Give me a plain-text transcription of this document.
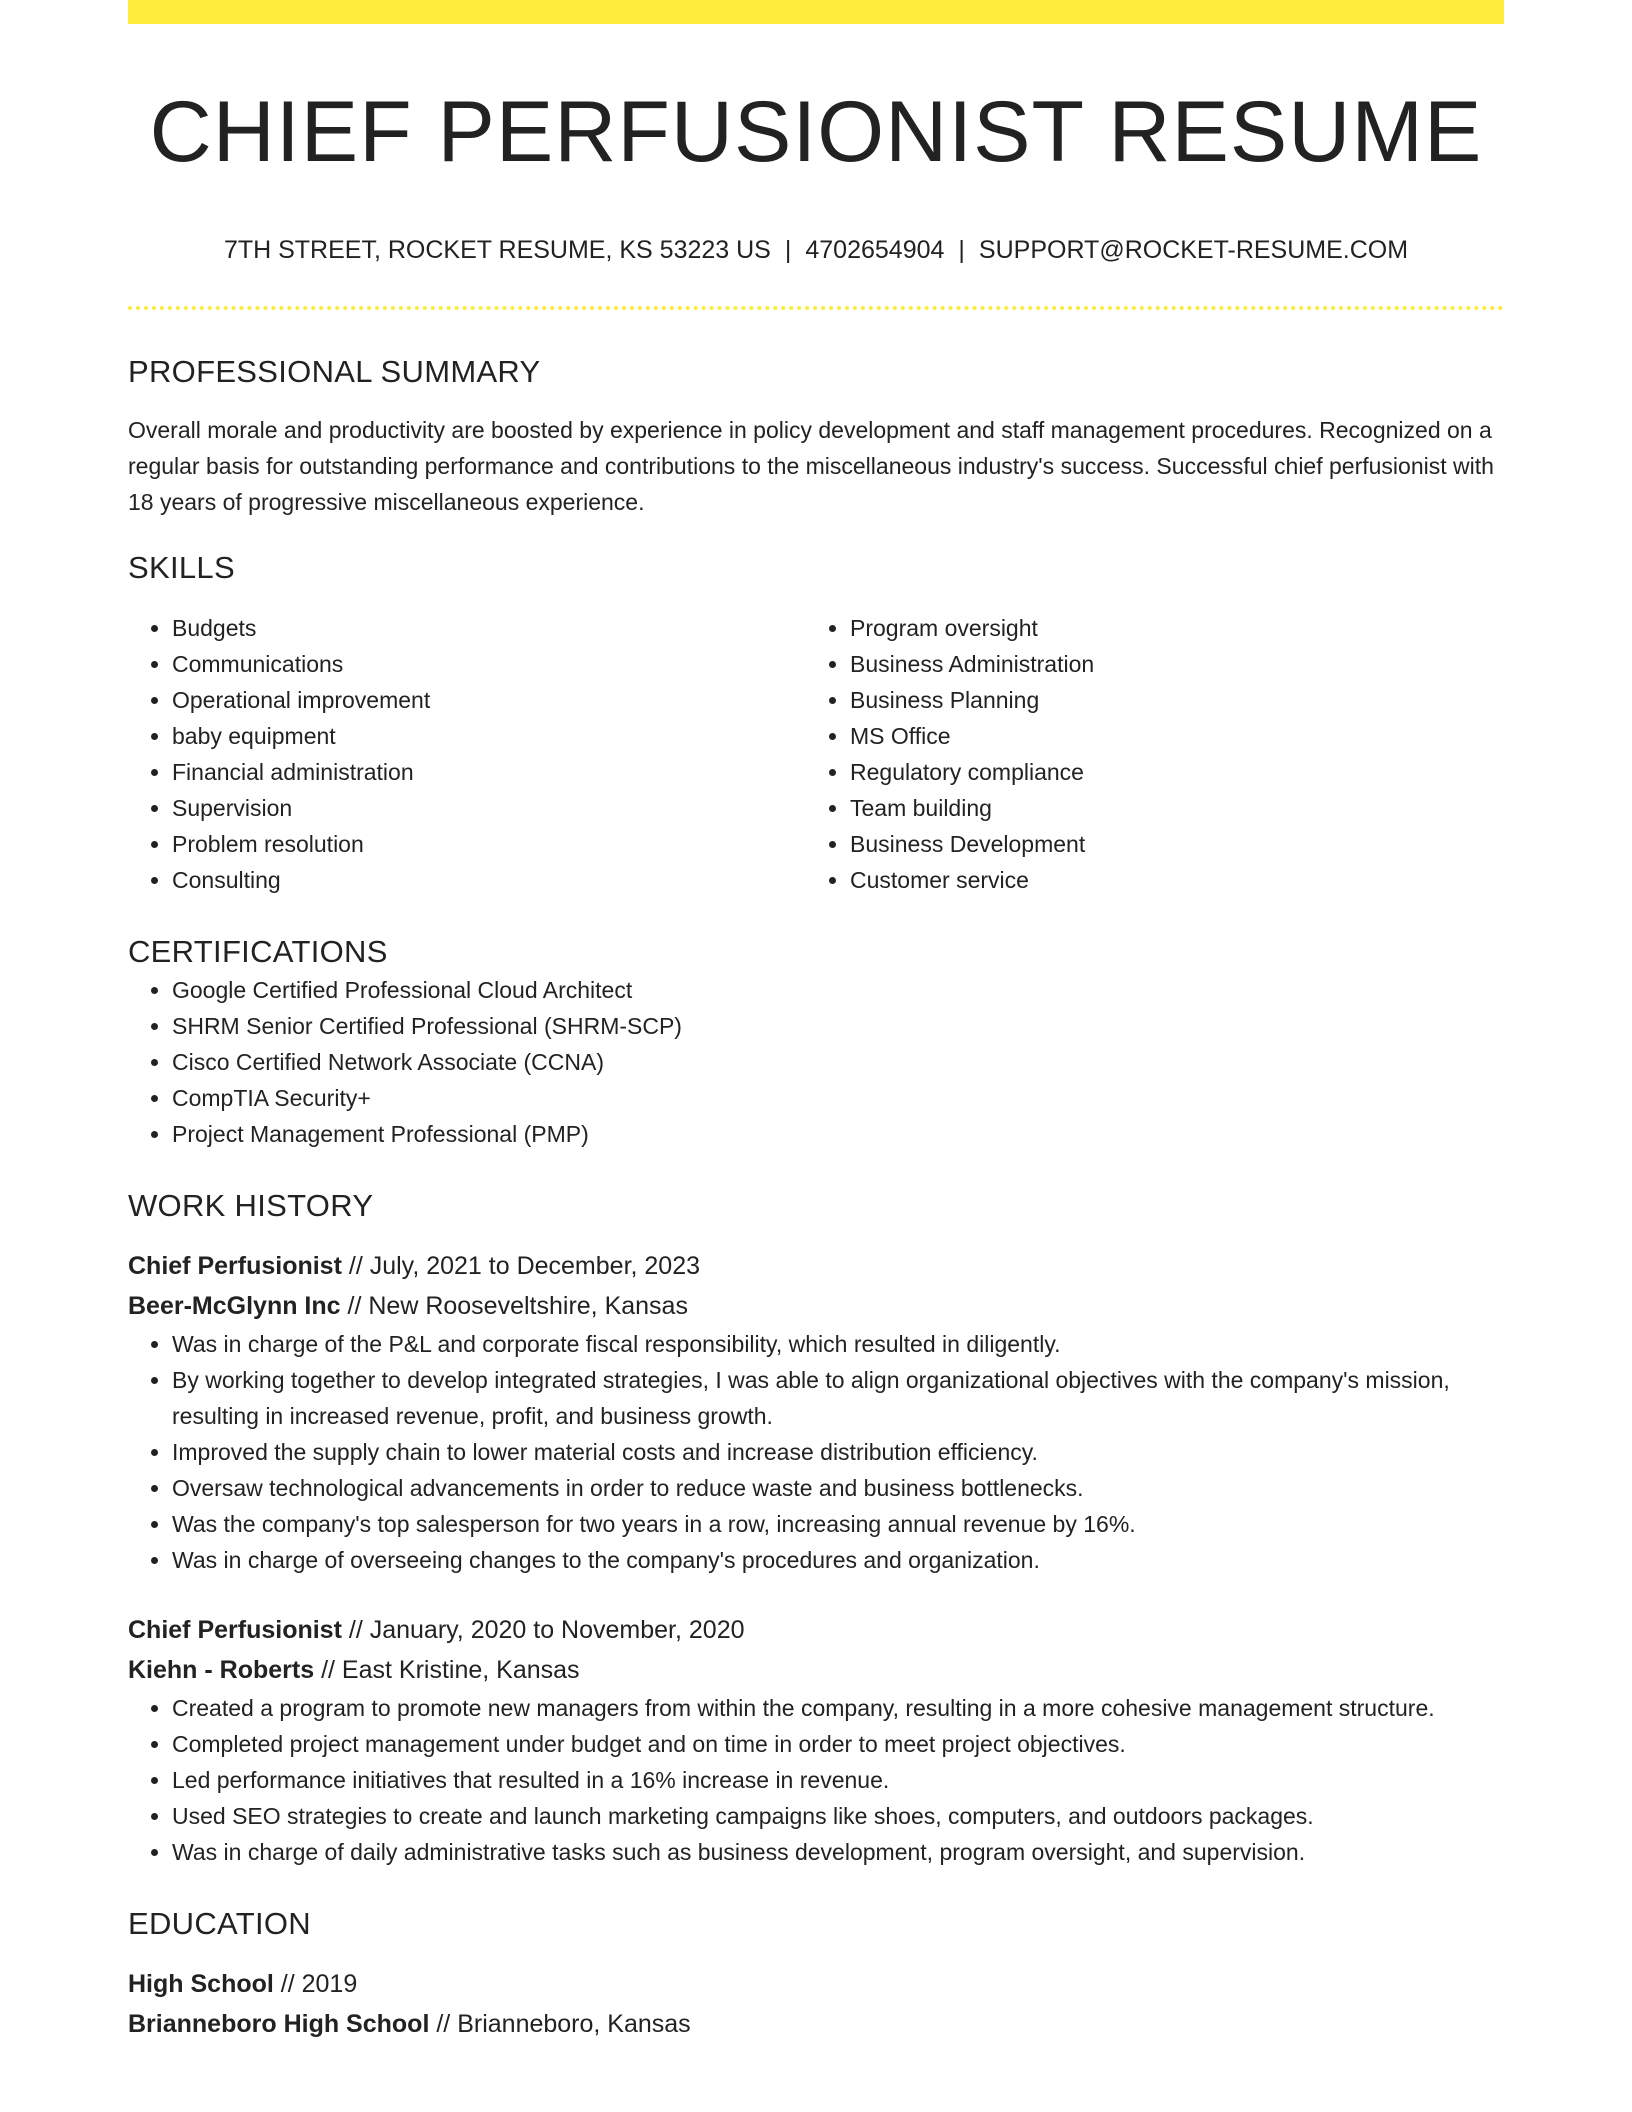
CHIEF PERFUSIONIST RESUME
7TH STREET, ROCKET RESUME, KS 53223 US | 4702654904 | SUPPORT@ROCKET-RESUME.COM
PROFESSIONAL SUMMARY
Overall morale and productivity are boosted by experience in policy development and staff management procedures. Recognized on a regular basis for outstanding performance and contributions to the miscellaneous industry's success. Successful chief perfusionist with 18 years of progressive miscellaneous experience.
SKILLS
• Budgets
• Communications
• Operational improvement
• baby equipment
• Financial administration
• Supervision
• Problem resolution
• Consulting
• Program oversight
• Business Administration
• Business Planning
• MS Office
• Regulatory compliance
• Team building
• Business Development
• Customer service
CERTIFICATIONS
• Google Certified Professional Cloud Architect
• SHRM Senior Certified Professional (SHRM-SCP)
• Cisco Certified Network Associate (CCNA)
• CompTIA Security+
• Project Management Professional (PMP)
WORK HISTORY
Chief Perfusionist // July, 2021 to December, 2023
Beer-McGlynn Inc // New Rooseveltshire, Kansas
• Was in charge of the P&L and corporate fiscal responsibility, which resulted in diligently.
• By working together to develop integrated strategies, I was able to align organizational objectives with the company's mission, resulting in increased revenue, profit, and business growth.
• Improved the supply chain to lower material costs and increase distribution efficiency.
• Oversaw technological advancements in order to reduce waste and business bottlenecks.
• Was the company's top salesperson for two years in a row, increasing annual revenue by 16%.
• Was in charge of overseeing changes to the company's procedures and organization.
Chief Perfusionist // January, 2020 to November, 2020
Kiehn - Roberts // East Kristine, Kansas
• Created a program to promote new managers from within the company, resulting in a more cohesive management structure.
• Completed project management under budget and on time in order to meet project objectives.
• Led performance initiatives that resulted in a 16% increase in revenue.
• Used SEO strategies to create and launch marketing campaigns like shoes, computers, and outdoors packages.
• Was in charge of daily administrative tasks such as business development, program oversight, and supervision.
EDUCATION
High School // 2019
Brianneboro High School // Brianneboro, Kansas
